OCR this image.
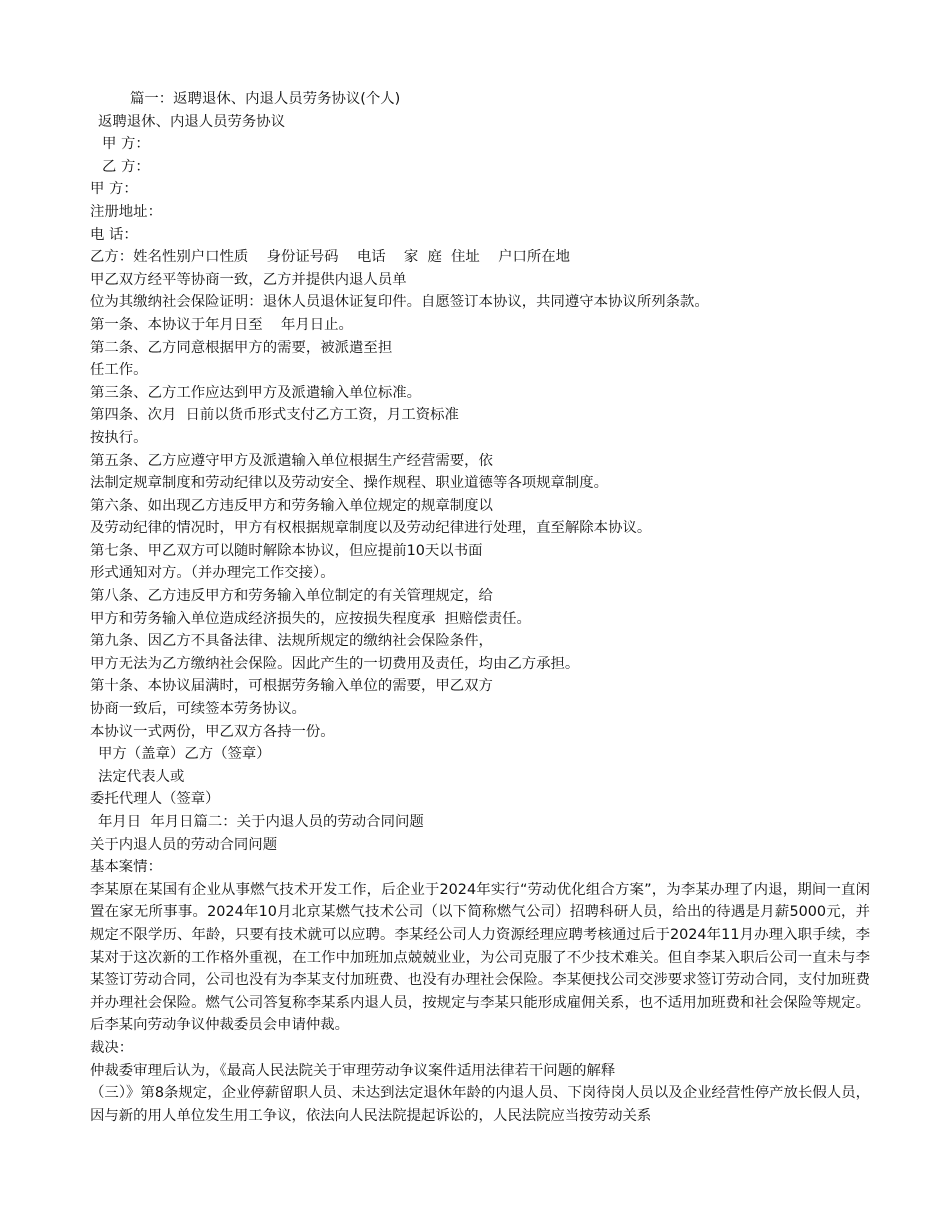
篇一：返聘退休、内退人员劳务协议(个人)
返聘退休、内退人员劳务协议
甲 方：
乙 方：
甲 方：
注册地址：
电 话：
乙方：姓名性别户口性质    身份证号码    电话    家  庭  住址    户口所在地
甲乙双方经平等协商一致，乙方并提供内退人员单
位为其缴纳社会保险证明：退休人员退休证复印件。自愿签订本协议，共同遵守本协议所列条款。
第一条、本协议于年月日至    年月日止。
第二条、乙方同意根据甲方的需要，被派遣至担
任工作。
第三条、乙方工作应达到甲方及派遣输入单位标准。
第四条、次月  日前以货币形式支付乙方工资，月工资标准
按执行。
第五条、乙方应遵守甲方及派遣输入单位根据生产经营需要，依
法制定规章制度和劳动纪律以及劳动安全、操作规程、职业道德等各项规章制度。
第六条、如出现乙方违反甲方和劳务输入单位规定的规章制度以
及劳动纪律的情况时，甲方有权根据规章制度以及劳动纪律进行处理，直至解除本协议。
第七条、甲乙双方可以随时解除本协议，但应提前10天以书面
形式通知对方。（并办理完工作交接）。
第八条、乙方违反甲方和劳务输入单位制定的有关管理规定，给
甲方和劳务输入单位造成经济损失的，应按损失程度承  担赔偿责任。
第九条、因乙方不具备法律、法规所规定的缴纳社会保险条件，
甲方无法为乙方缴纳社会保险。因此产生的一切费用及责任，均由乙方承担。
第十条、本协议届满时，可根据劳务输入单位的需要，甲乙双方
协商一致后，可续签本劳务协议。
本协议一式两份，甲乙双方各持一份。
甲方（盖章）乙方（签章）
法定代表人或
委托代理人（签章）
年月日  年月日篇二：关于内退人员的劳动合同问题
关于内退人员的劳动合同问题
基本案情：
李某原在某国有企业从事燃气技术开发工作，后企业于2024年实行“劳动优化组合方案”，为李某办理了内退，期间一直闲置在家无所事事。2024年10月北京某燃气技术公司（以下简称燃气公司）招聘科研人员，给出的待遇是月薪5000元，并规定不限学历、年龄，只要有技术就可以应聘。李某经公司人力资源经理应聘考核通过后于2024年11月办理入职手续，李某对于这次新的工作格外重视，在工作中加班加点兢兢业业，为公司克服了不少技术难关。但自李某入职后公司一直未与李某签订劳动合同，公司也没有为李某支付加班费、也没有办理社会保险。李某便找公司交涉要求签订劳动合同，支付加班费并办理社会保险。燃气公司答复称李某系内退人员，按规定与李某只能形成雇佣关系，也不适用加班费和社会保险等规定。后李某向劳动争议仲裁委员会申请仲裁。
裁决：
仲裁委审理后认为，《最高人民法院关于审理劳动争议案件适用法律若干问题的解释
（三）》第8条规定，企业停薪留职人员、未达到法定退休年龄的内退人员、下岗待岗人员以及企业经营性停产放长假人员，因与新的用人单位发生用工争议，依法向人民法院提起诉讼的，人民法院应当按劳动关系
